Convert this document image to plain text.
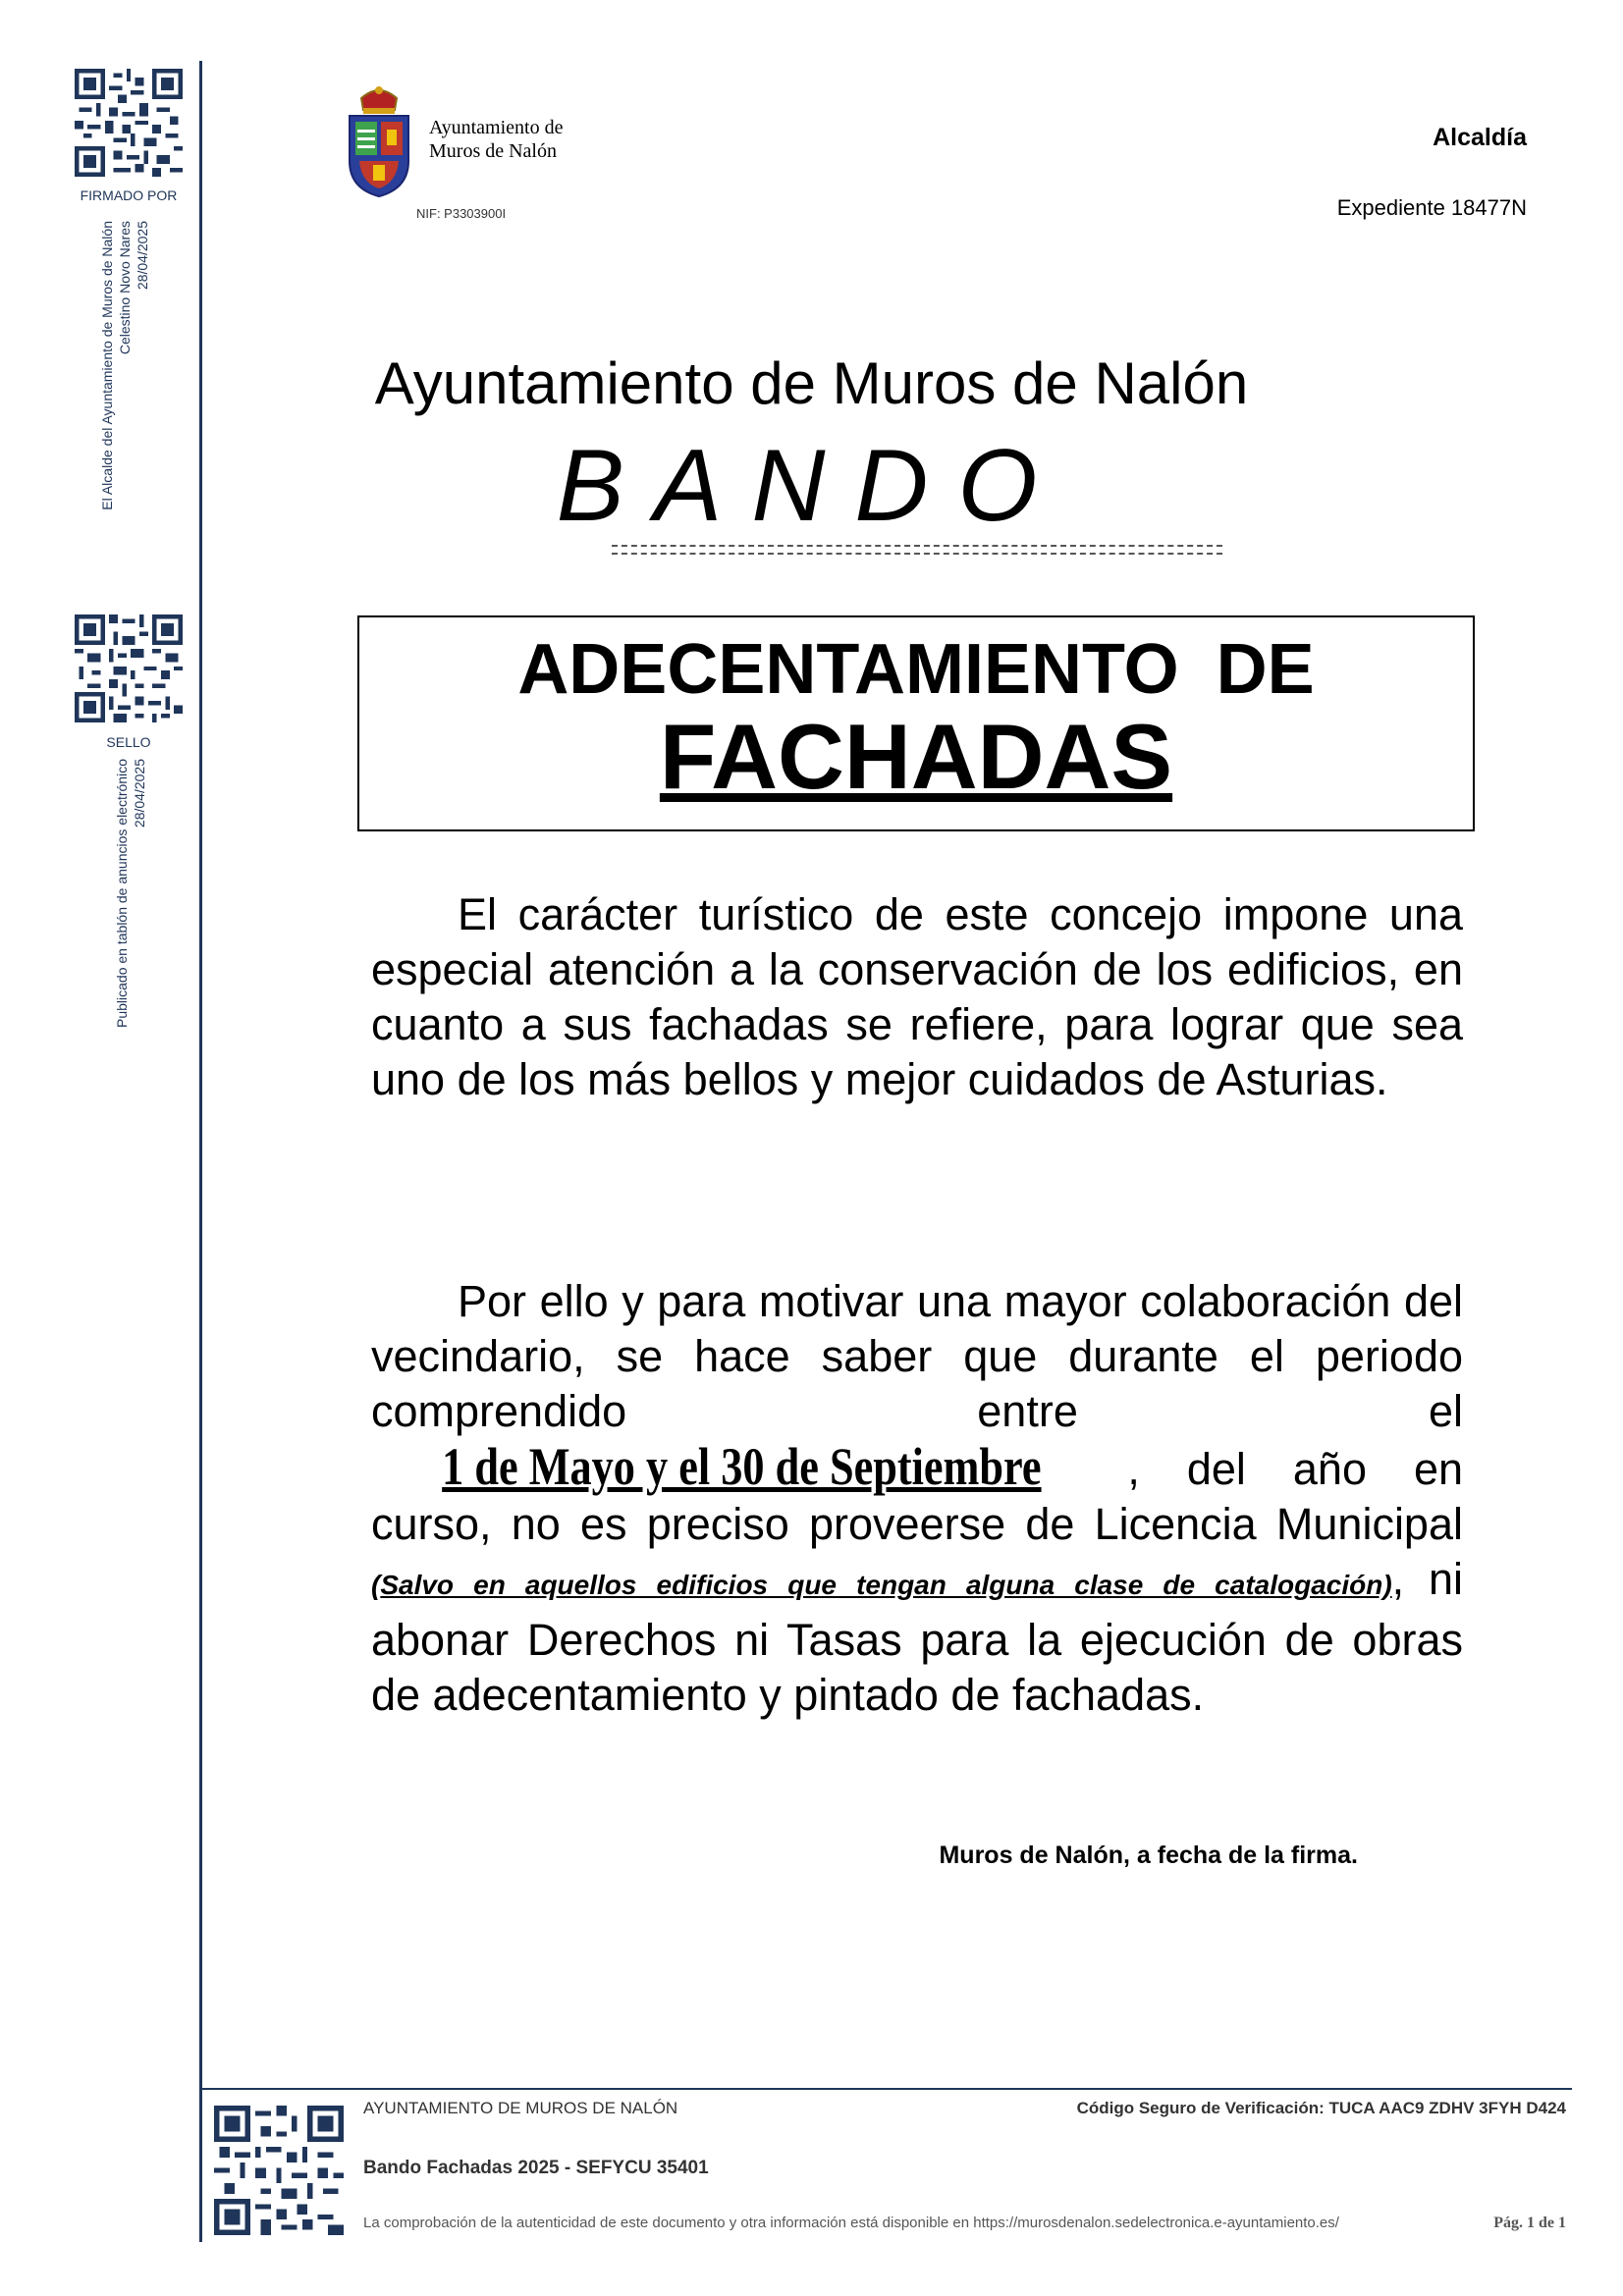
FIRMADO POR
El Alcalde del Ayuntamiento de Muros de Nalón Celestino Novo Nares 28/04/2025
SELLO
Publicado en tablón de anuncios electrónico 28/04/2025
Ayuntamiento de
Muros de Nalón
NIF: P3303900I
Alcaldía
Expediente 18477N
Ayuntamiento de Muros de Nalón
BANDO
ADECENTAMIENTO DE
FACHADAS
El carácter turístico de este concejo impone una especial atención a la conservación de los edificios, en cuanto a sus fachadas se refiere, para lograr que sea uno de los más bellos y mejor cuidados de Asturias.
Por ello y para motivar una mayor colaboración del vecindario, se hace saber que durante el periodo comprendido entre el 1 de Mayo y el 30 de Septiembre , del año en curso, no es preciso proveerse de Licencia Municipal (Salvo en aquellos edificios que tengan alguna clase de catalogación), ni abonar Derechos ni Tasas para la ejecución de obras de adecentamiento y pintado de fachadas.
Muros de Nalón, a fecha de la firma.
AYUNTAMIENTO DE MUROS DE NALÓN	Código Seguro de Verificación: TUCA AAC9 ZDHV 3FYH D424
Bando Fachadas 2025 - SEFYCU 35401
La comprobación de la autenticidad de este documento y otra información está disponible en https://murosdenalon.sedelectronica.e-ayuntamiento.es/	Pág. 1 de 1
